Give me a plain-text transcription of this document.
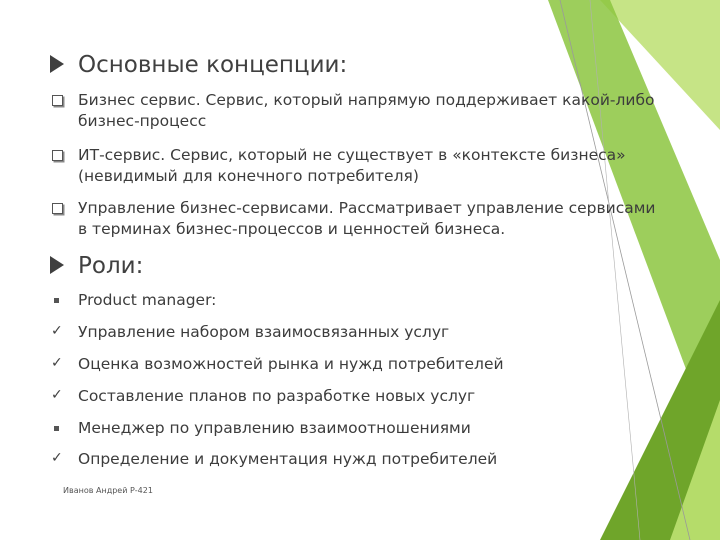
Основные концепции:
Бизнес сервис. Сервис, который напрямую поддерживает какой-либо
бизнес-процесс
ИТ-сервис. Сервис, который не существует в «контексте бизнеса»
(невидимый для конечного потребителя)
Управление бизнес-сервисами. Рассматривает управление сервисами
в терминах бизнес-процессов и ценностей бизнеса.
Роли:
Product manager:
✓ Управление набором взаимосвязанных услуг
✓ Оценка возможностей рынка и нужд потребителей
✓ Составление планов по разработке новых услуг
Менеджер по управлению взаимоотношениями
✓ Определение и документация нужд потребителей
Иванов Андрей Р-421
